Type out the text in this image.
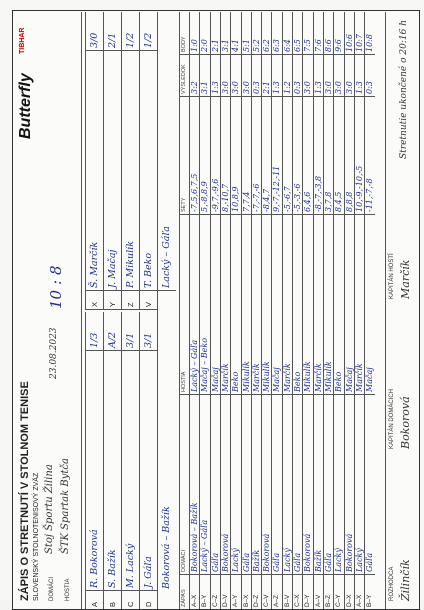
ZÁPIS O STRETNUTÍ V STOLNOM TENISE SLOVENSKÝ STOLNOTENISOVÝ ZVÄZ
Butterfly
TIBHAR
DOMÁCI
Stoj Športu Žilina
HOSTIA
ŠTK Spartak Bytča
23.08.2023
10
:
8
A
R. Bokorová
1/3
B
S. Bažík
A/2
C
M. Lacký
3/1
D
J. Gáľa
3/1
X
Š. Marčík
3/0
Y
J. Mačaj
2/1
Z
P. Mikulík
1/2
V
T. Beko
1/2
Bokorová – Bažík
Lacký – Gáľa
ZÁPAS
DOMÁCI
HOSTIA
SETY
VÝSLEDOK
BODY
A–X
Bokorová – Bažík
Lacký – Gáľa
-7,5,6,7,5
3:2
1:0
B–Y
Lacký – Gáľa
Mačaj – Beko
5,-8,8,9
3:1
2:0
C–Z
Gáľa
Mačaj
-9,7,-9,6
1:3
2:1
D–V
Bokorová
Marčík
8,-10,7
3:0
3:1
A–Y
Lacký
Beko
10,8,9
3:0
4:1
B–X
Gáľa
Mikulík
7,7,4
3:0
5:1
D–Z
Bažík
Marčík
-7,-7,-6
0:3
5:2
C–V
Bokorová
Mikulík
-8,4,7
2:1
6:2
A–Z
Gáľa
Mačaj
9,-7,-12,-11
1:3
6:3
B–V
Lacký
Marčík
-5,-6,7
1:2
6:4
C–X
Gáľa
Beko
-5,-3,-6
0:3
6:5
D–Y
Bokorová
Mikulík
6,4,6
3:0
7:5
A–V
Bažík
Marčík
-8,-7,-3,8
1:3
7:6
B–Z
Gáľa
Mikulík
3,7,8
3:0
8:6
C–Y
Lacký
Beko
8,4,5
3:0
9:6
D–X
Bokorová
Mačaj
8,8,8
3:0
10:6
A–X
Lacký
Marčík
10,-9,-10,-5
1:3
10:7
B–Y
Gáľa
Mačaj
-11,-7,-8
0:3
10:8
ROZHODCA Žilinčík
KAPITÁN DOMÁCICH Bokorová
KAPITÁN HOSTÍ Marčík
Stretnutie ukončené o 20:16 h
